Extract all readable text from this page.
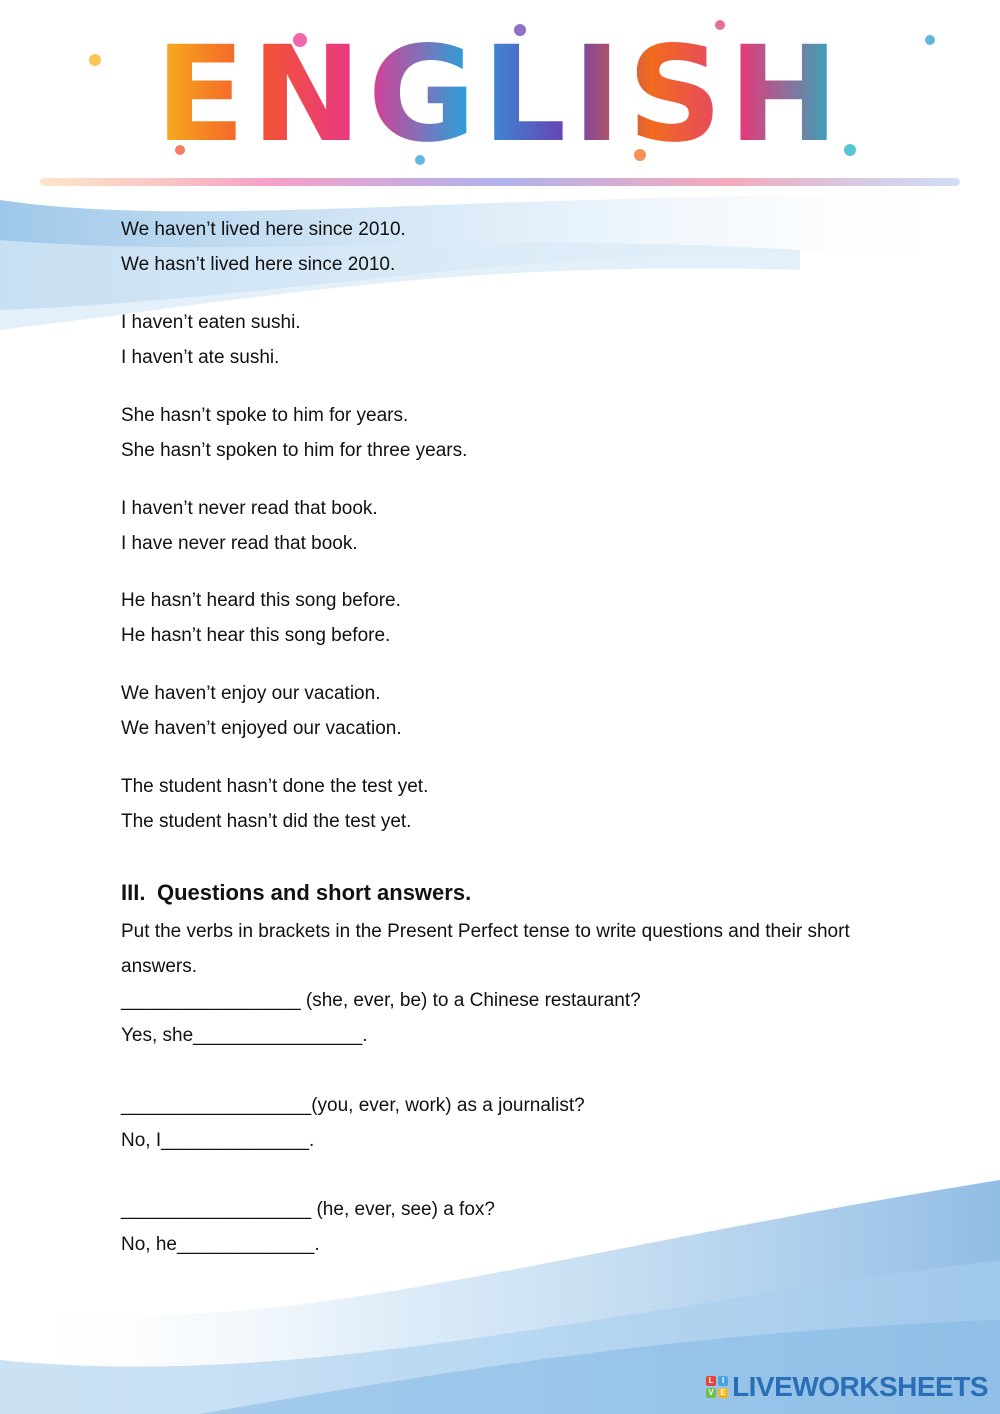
ENGLISH
We haven’t lived here since 2010.
We hasn’t lived here since 2010.
I haven’t eaten sushi.
I haven’t ate sushi.
She hasn’t spoke to him for years.
She hasn’t spoken to him for three years.
I haven’t never read that book.
I have never read that book.
He hasn’t heard this song before.
He hasn’t hear this song before.
We haven’t enjoy our vacation.
We haven’t enjoyed our vacation.
The student hasn’t done the test yet.
The student hasn’t did the test yet.
III. Questions and short answers.
Put the verbs in brackets in the Present Perfect tense to write questions and their short answers.
_________________ (she, ever, be) to a Chinese restaurant?
Yes, she________________.
__________________(you, ever, work) as a journalist?
No, I______________.
__________________ (he, ever, see) a fox?
No, he_____________.
L	I
V E LIVEWORKSHEETS
